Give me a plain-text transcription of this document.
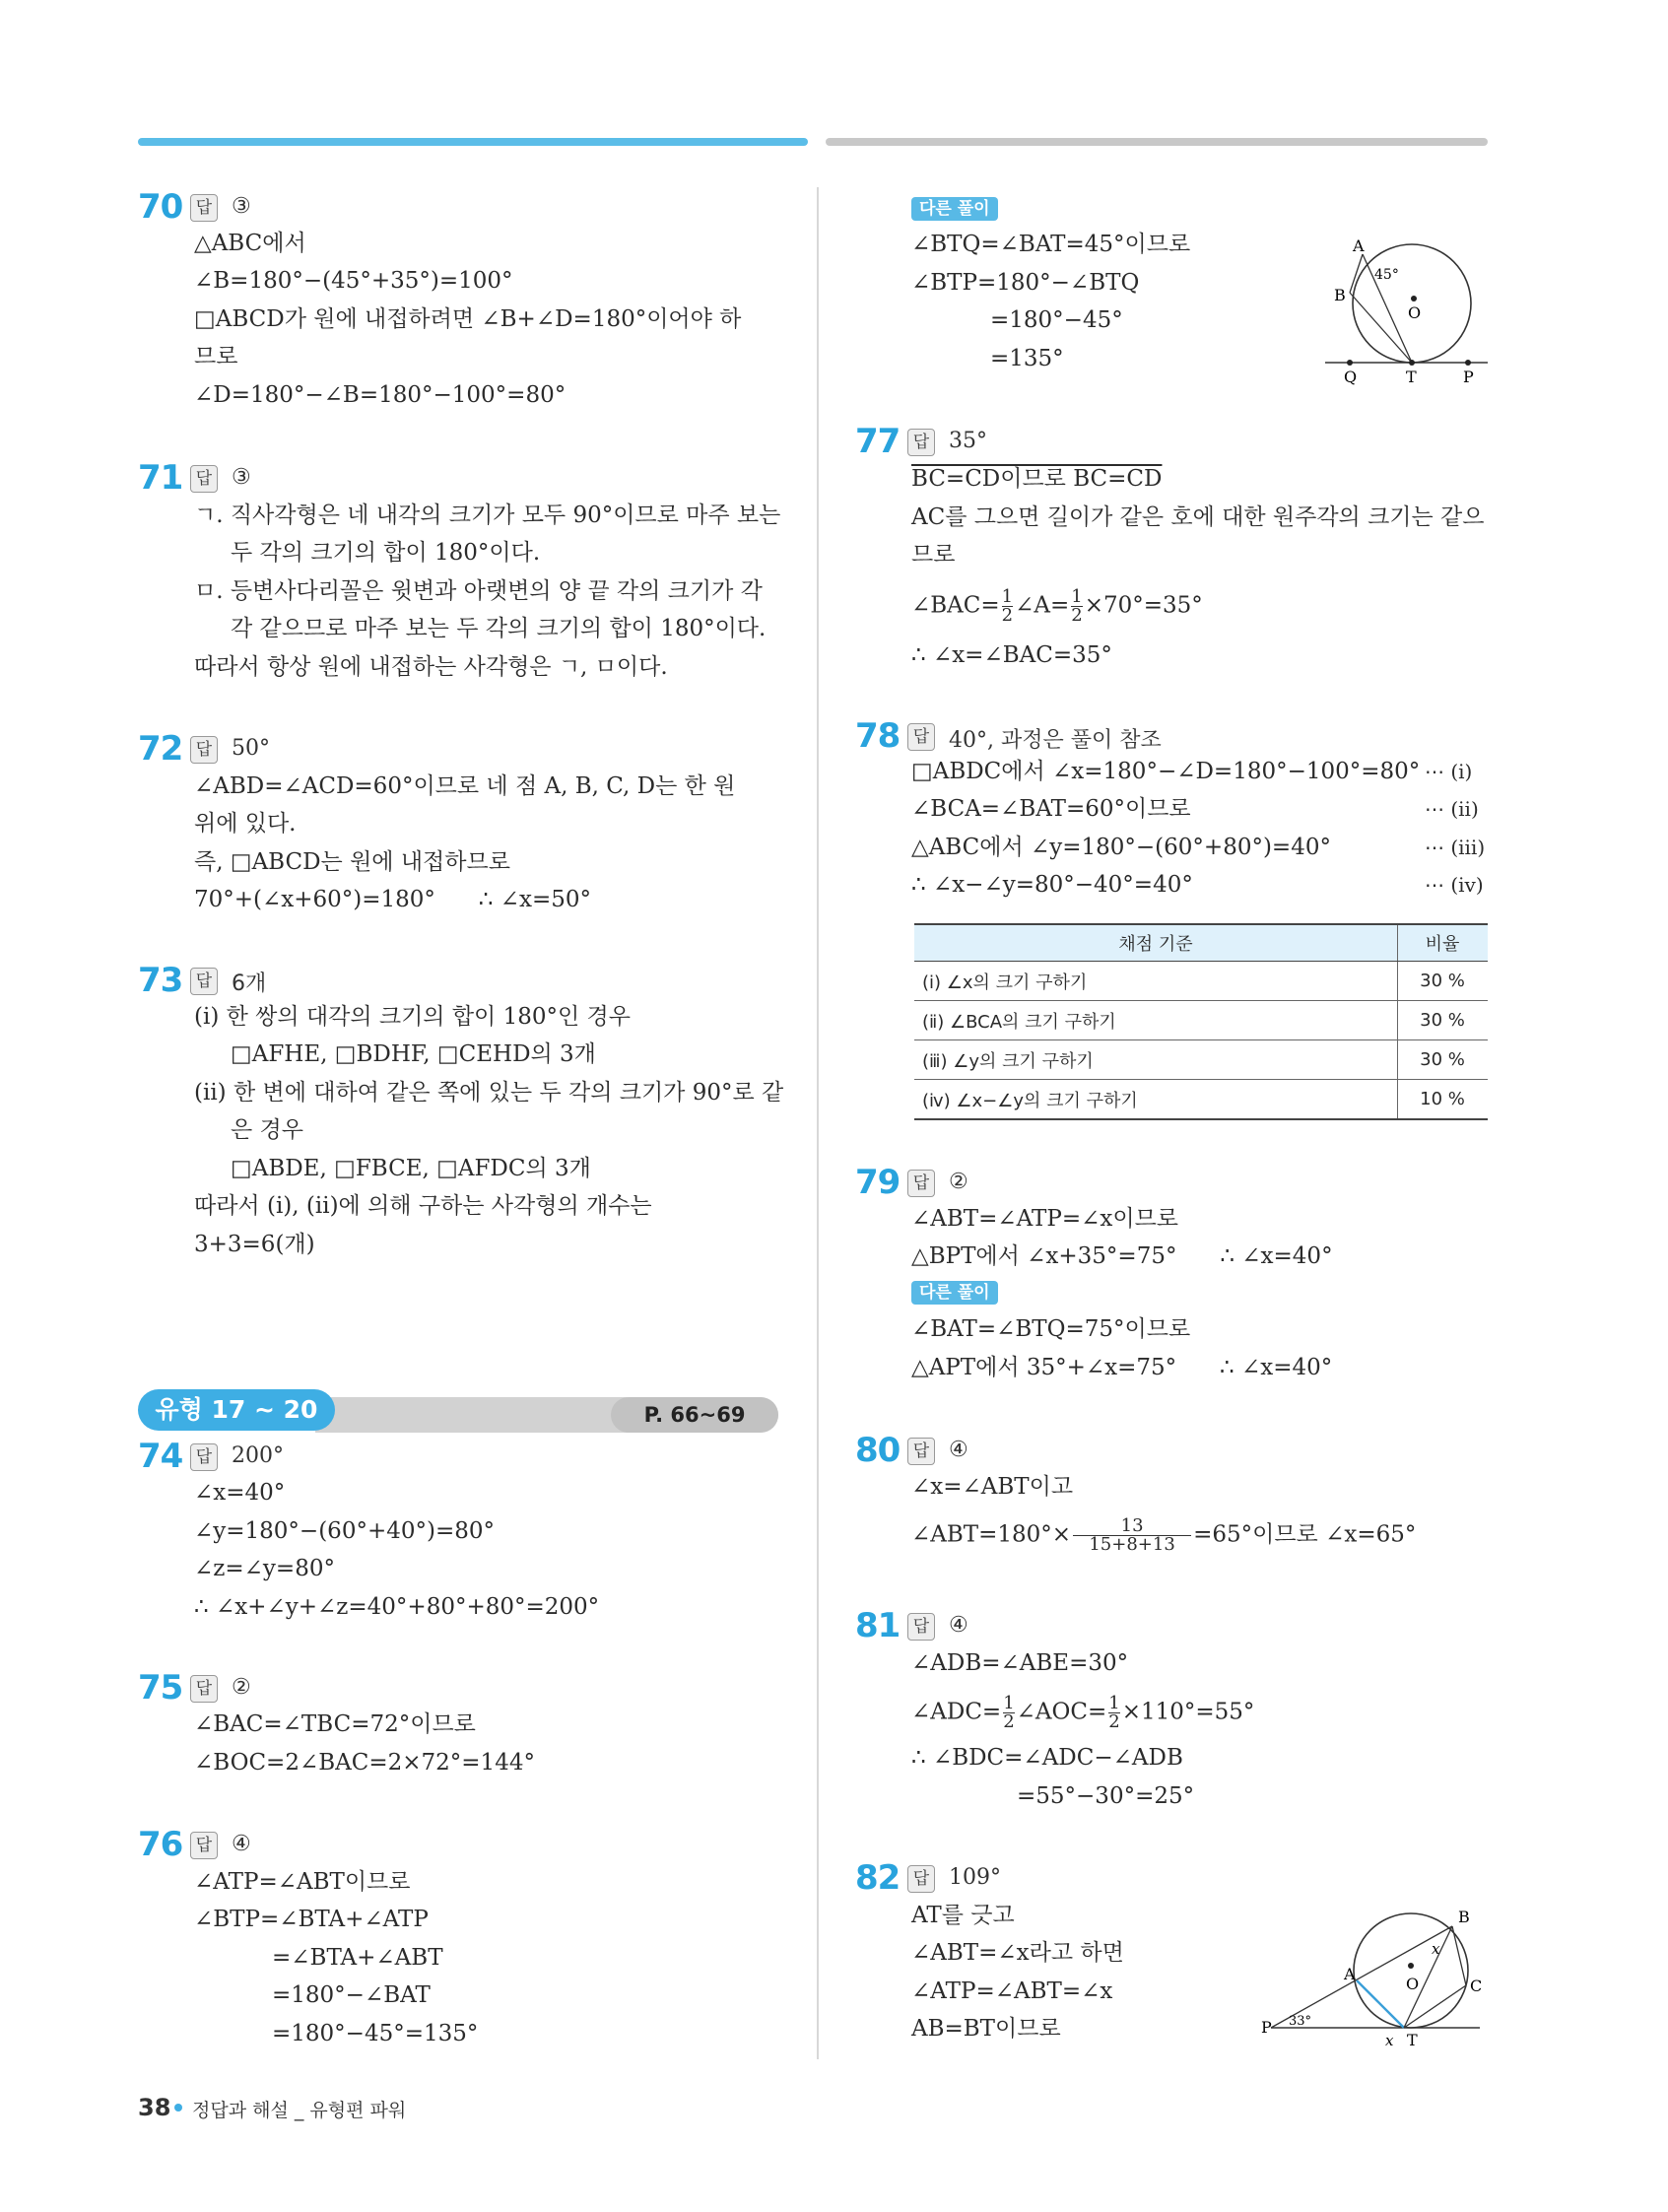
70 답 ③
△ABC에서
∠B=180°−(45°+35°)=100°
□ABCD가 원에 내접하려면 ∠B+∠D=180°이어야 하
므로
∠D=180°−∠B=180°−100°=80°
71 답 ③
ㄱ. 직사각형은 네 내각의 크기가 모두 90°이므로 마주 보는
두 각의 크기의 합이 180°이다.
ㅁ. 등변사다리꼴은 윗변과 아랫변의 양 끝 각의 크기가 각
각 같으므로 마주 보는 두 각의 크기의 합이 180°이다.
따라서 항상 원에 내접하는 사각형은 ㄱ, ㅁ이다.
72 답 50°
∠ABD=∠ACD=60°이므로 네 점 A, B, C, D는 한 원
위에 있다.
즉, □ABCD는 원에 내접하므로
70°+(∠x+60°)=180°      ∴ ∠x=50°
73 답 6개
(ⅰ) 한 쌍의 대각의 크기의 합이 180°인 경우
□AFHE, □BDHF, □CEHD의 3개
(ⅱ) 한 변에 대하여 같은 쪽에 있는 두 각의 크기가 90°로 같
은 경우
□ABDE, □FBCE, □AFDC의 3개
따라서 (ⅰ), (ⅱ)에 의해 구하는 사각형의 개수는
3+3=6(개)
P. 66~69
유형 17 ~ 20
74 답 200°
∠x=40°
∠y=180°−(60°+40°)=80°
∠z=∠y=80°
∴ ∠x+∠y+∠z=40°+80°+80°=200°
75 답 ②
∠BAC=∠TBC=72°이므로
∠BOC=2∠BAC=2×72°=144°
76 답 ④
∠ATP=∠ABT이므로
∠BTP=∠BTA+∠ATP
=∠BTA+∠ABT
=180°−∠BAT
=180°−45°=135°
다른 풀이
∠BTQ=∠BAT=45°이므로
∠BTP=180°−∠BTQ
=180°−45°
=135°
A
45°
B
O
Q	T	P
77 답 35°
BC=CD이므로 BC=CD
AC를 그으면 길이가 같은 호에 대한 원주각의 크기는 같으
므로
∠BAC= $\frac{1}{2}$ ∠A= $\frac{1}{2} \times 70^\circ=35^\circ$
∴ ∠x=∠BAC=35°
78 답 40°, 과정은 풀이 참조
□ABDC에서 ∠x=180°−∠D=180°−100°=80°
∠BCA=∠BAT=60°이므로
△ABC에서 ∠y=180°−(60°+80°)=40°
∴ ∠x−∠y=80°−40°=40°
⋯ (ⅰ)
⋯ (ⅱ)
⋯ (ⅲ)
⋯ (ⅳ)
채점 기준	비율
(ⅰ) ∠x의 크기 구하기	30 %
(ⅱ) ∠BCA의 크기 구하기	30 %
(ⅲ) ∠y의 크기 구하기	30 %
(ⅳ) ∠x−∠y의 크기 구하기	10 %
79 답 ②
∠ABT=∠ATP=∠x이므로
△BPT에서 ∠x+35°=75°      ∴ ∠x=40°
다른 풀이
∠BAT=∠BTQ=75°이므로
△APT에서 35°+∠x=75°      ∴ ∠x=40°
80 답 ④
∠x=∠ABT이고
∠ABT=180°× $\frac{13}{15+8+13} =65^\circ$이므로 ∠x=65°
81 답 ④
∠ADB=∠ABE=30°
∠ADC= $\frac{1}{2}$ ∠AOC= $\frac{1}{2} \times 110^\circ=55^\circ$
∴ ∠BDC=∠ADC−∠ADB
=55°−30°=25°
82 답 109°
AT를 긋고
∠ABT=∠x라고 하면
∠ATP=∠ABT=∠x
AB=BT이므로
B
A
x
O	C
P 33°
x T
38 정답과 해설 _ 유형편 파워
